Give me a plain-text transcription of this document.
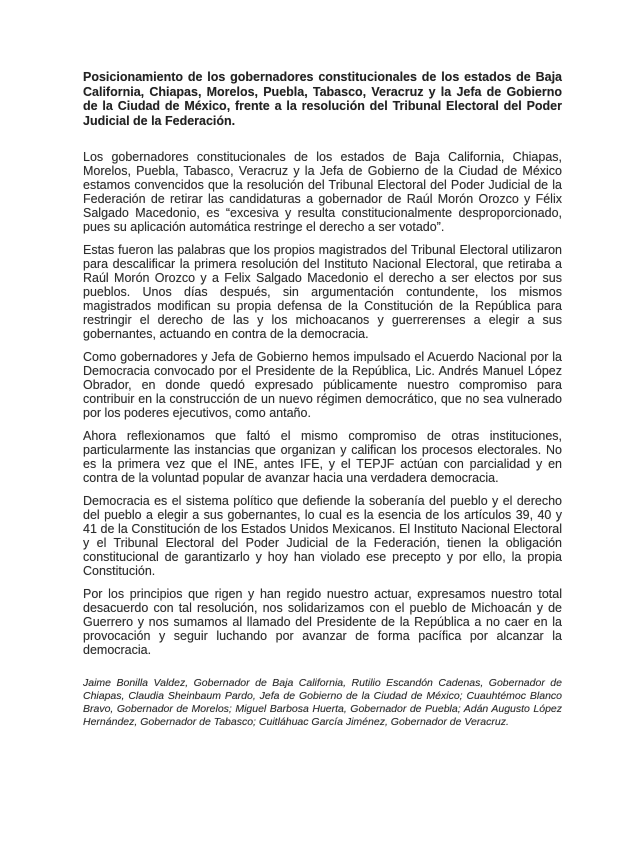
Posicionamiento de los gobernadores constitucionales de los estados de Baja California, Chiapas, Morelos, Puebla, Tabasco, Veracruz y la Jefa de Gobierno de la Ciudad de México, frente a la resolución del Tribunal Electoral del Poder Judicial de la Federación.

Los gobernadores constitucionales de los estados de Baja California, Chiapas, Morelos, Puebla, Tabasco, Veracruz y la Jefa de Gobierno de la Ciudad de México estamos convencidos que la resolución del Tribunal Electoral del Poder Judicial de la Federación de retirar las candidaturas a gobernador de Raúl Morón Orozco y Félix Salgado Macedonio, es “excesiva y resulta constitucionalmente desproporcionado, pues su aplicación automática restringe el derecho a ser votado”.

Estas fueron las palabras que los propios magistrados del Tribunal Electoral utilizaron para descalificar la primera resolución del Instituto Nacional Electoral, que retiraba a Raúl Morón Orozco y a Felix Salgado Macedonio el derecho a ser electos por sus pueblos. Unos días después, sin argumentación contundente, los mismos magistrados modifican su propia defensa de la Constitución de la República para restringir el derecho de las y los michoacanos y guerrerenses a elegir a sus gobernantes, actuando en contra de la democracia.

Como gobernadores y Jefa de Gobierno hemos impulsado el Acuerdo Nacional por la Democracia convocado por el Presidente de la República, Lic. Andrés Manuel López Obrador, en donde quedó expresado públicamente nuestro compromiso para contribuir en la construcción de un nuevo régimen democrático, que no sea vulnerado por los poderes ejecutivos, como antaño.

Ahora reflexionamos que faltó el mismo compromiso de otras instituciones, particularmente las instancias que organizan y califican los procesos electorales. No es la primera vez que el INE, antes IFE, y el TEPJF actúan con parcialidad y en contra de la voluntad popular de avanzar hacia una verdadera democracia.

Democracia es el sistema político que defiende la soberanía del pueblo y el derecho del pueblo a elegir a sus gobernantes, lo cual es la esencia de los artículos 39, 40 y 41 de la Constitución de los Estados Unidos Mexicanos. El Instituto Nacional Electoral y el Tribunal Electoral del Poder Judicial de la Federación, tienen la obligación constitucional de garantizarlo y hoy han violado ese precepto y por ello, la propia Constitución.

Por los principios que rigen y han regido nuestro actuar, expresamos nuestro total desacuerdo con tal resolución, nos solidarizamos con el pueblo de Michoacán y de Guerrero y nos sumamos al llamado del Presidente de la República a no caer en la provocación y seguir luchando por avanzar de forma pacífica por alcanzar la democracia.

Jaime Bonilla Valdez, Gobernador de Baja California, Rutilio Escandón Cadenas, Gobernador de Chiapas, Claudia Sheinbaum Pardo, Jefa de Gobierno de la Ciudad de México; Cuauhtémoc Blanco Bravo, Gobernador de Morelos; Miguel Barbosa Huerta, Gobernador de Puebla; Adán Augusto López Hernández, Gobernador de Tabasco; Cuitláhuac García Jiménez, Gobernador de Veracruz.
